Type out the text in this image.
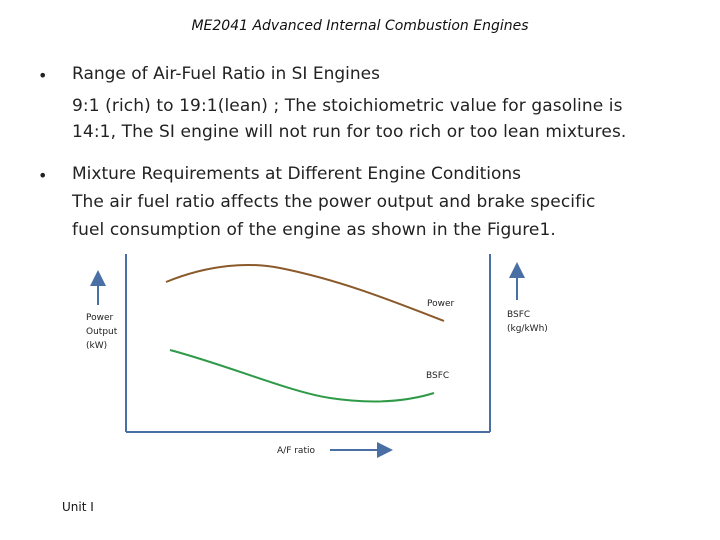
ME2041 Advanced Internal Combustion Engines
• Range of Air-Fuel Ratio in SI Engines
9:1 (rich) to 19:1(lean) ; The stoichiometric value for gasoline is
14:1, The SI engine will not run for too rich or too lean mixtures.
• Mixture Requirements at Different Engine Conditions
The air fuel ratio affects the power output and brake specific
fuel consumption of the engine as shown in the Figure1.
Power
Output
(kW)
BSFC
(kg/kWh)
Power
BSFC
A/F ratio
Unit I
